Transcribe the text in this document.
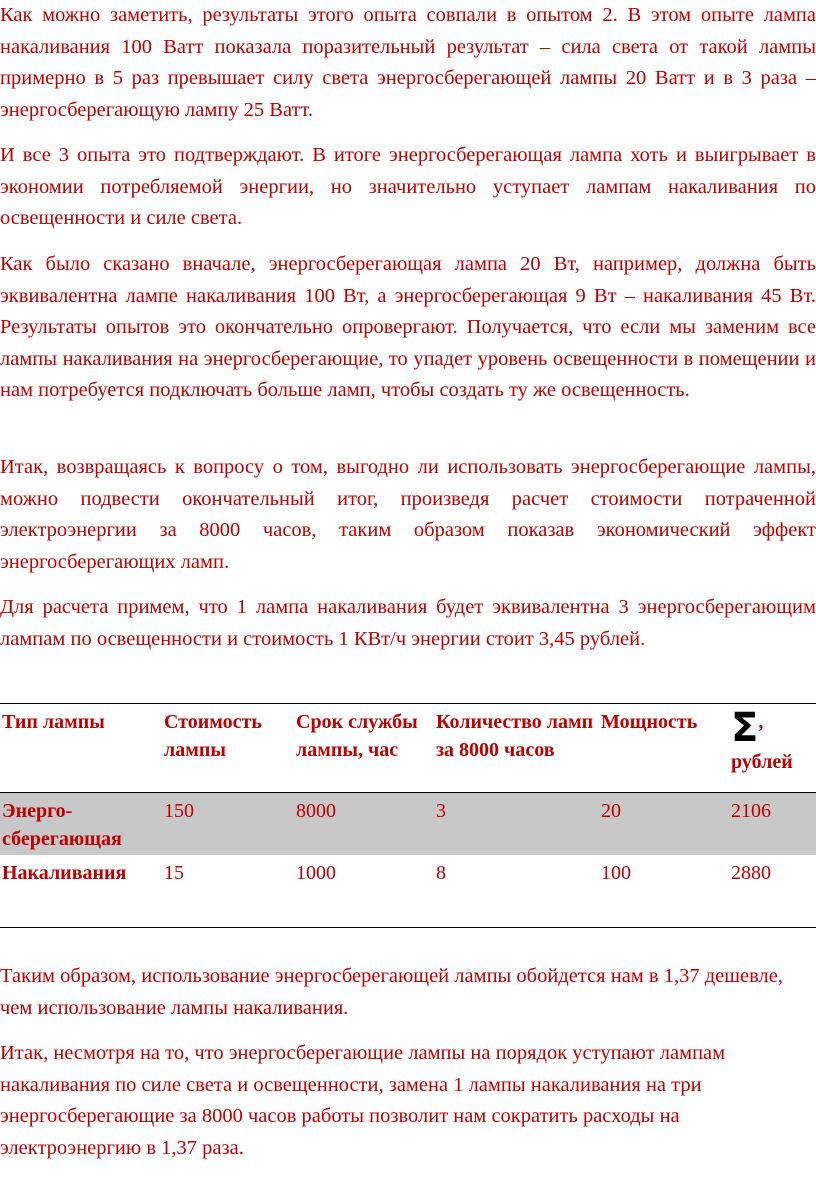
Как можно заметить, результаты этого опыта совпали в опытом 2. В этом опыте лампа накаливания 100 Ватт показала поразительный результат – сила света от такой лампы примерно в 5 раз превышает силу света энергосберегающей лампы 20 Ватт и в 3 раза – энергосберегающую лампу 25 Ватт.

И все 3 опыта это подтверждают. В итоге энергосберегающая лампа хоть и выигрывает в экономии потребляемой энергии, но значительно уступает лампам накаливания по освещенности и силе света.

Как было сказано вначале, энергосберегающая лампа 20 Вт, например, должна быть эквивалентна лампе накаливания 100 Вт, а энергосберегающая 9 Вт – накаливания 45 Вт. Результаты опытов это окончательно опровергают. Получается, что если мы заменим все лампы накаливания на энергосберегающие, то упадет уровень освещенности в помещении и нам потребуется подключать больше ламп, чтобы создать ту же освещенность.

Итак, возвращаясь к вопросу о том, выгодно ли использовать энергосберегающие лампы, можно подвести окончательный итог, произведя расчет стоимости потраченной электроэнергии за 8000 часов, таким образом показав экономический эффект энергосберегающих ламп.

Для расчета примем, что 1 лампа накаливания будет эквивалентна 3 энергосберегающим лампам по освещенности и стоимость 1 КВт/ч энергии стоит 3,45 рублей.

Тип лампы	Стоимость лампы	Срок службы лампы, час	Количество ламп за 8000 часов	Мощность	Σ, рублей
Энерго-сберегающая	150	8000	3	20	2106
Накаливания	15	1000	8	100	2880

Таким образом, использование энергосберегающей лампы обойдется нам в 1,37 дешевле, чем использование лампы накаливания.

Итак, несмотря на то, что энергосберегающие лампы на порядок уступают лампам накаливания по силе света и освещенности, замена 1 лампы накаливания на три энергосберегающие за 8000 часов работы позволит нам сократить расходы на электроэнергию в 1,37 раза.
